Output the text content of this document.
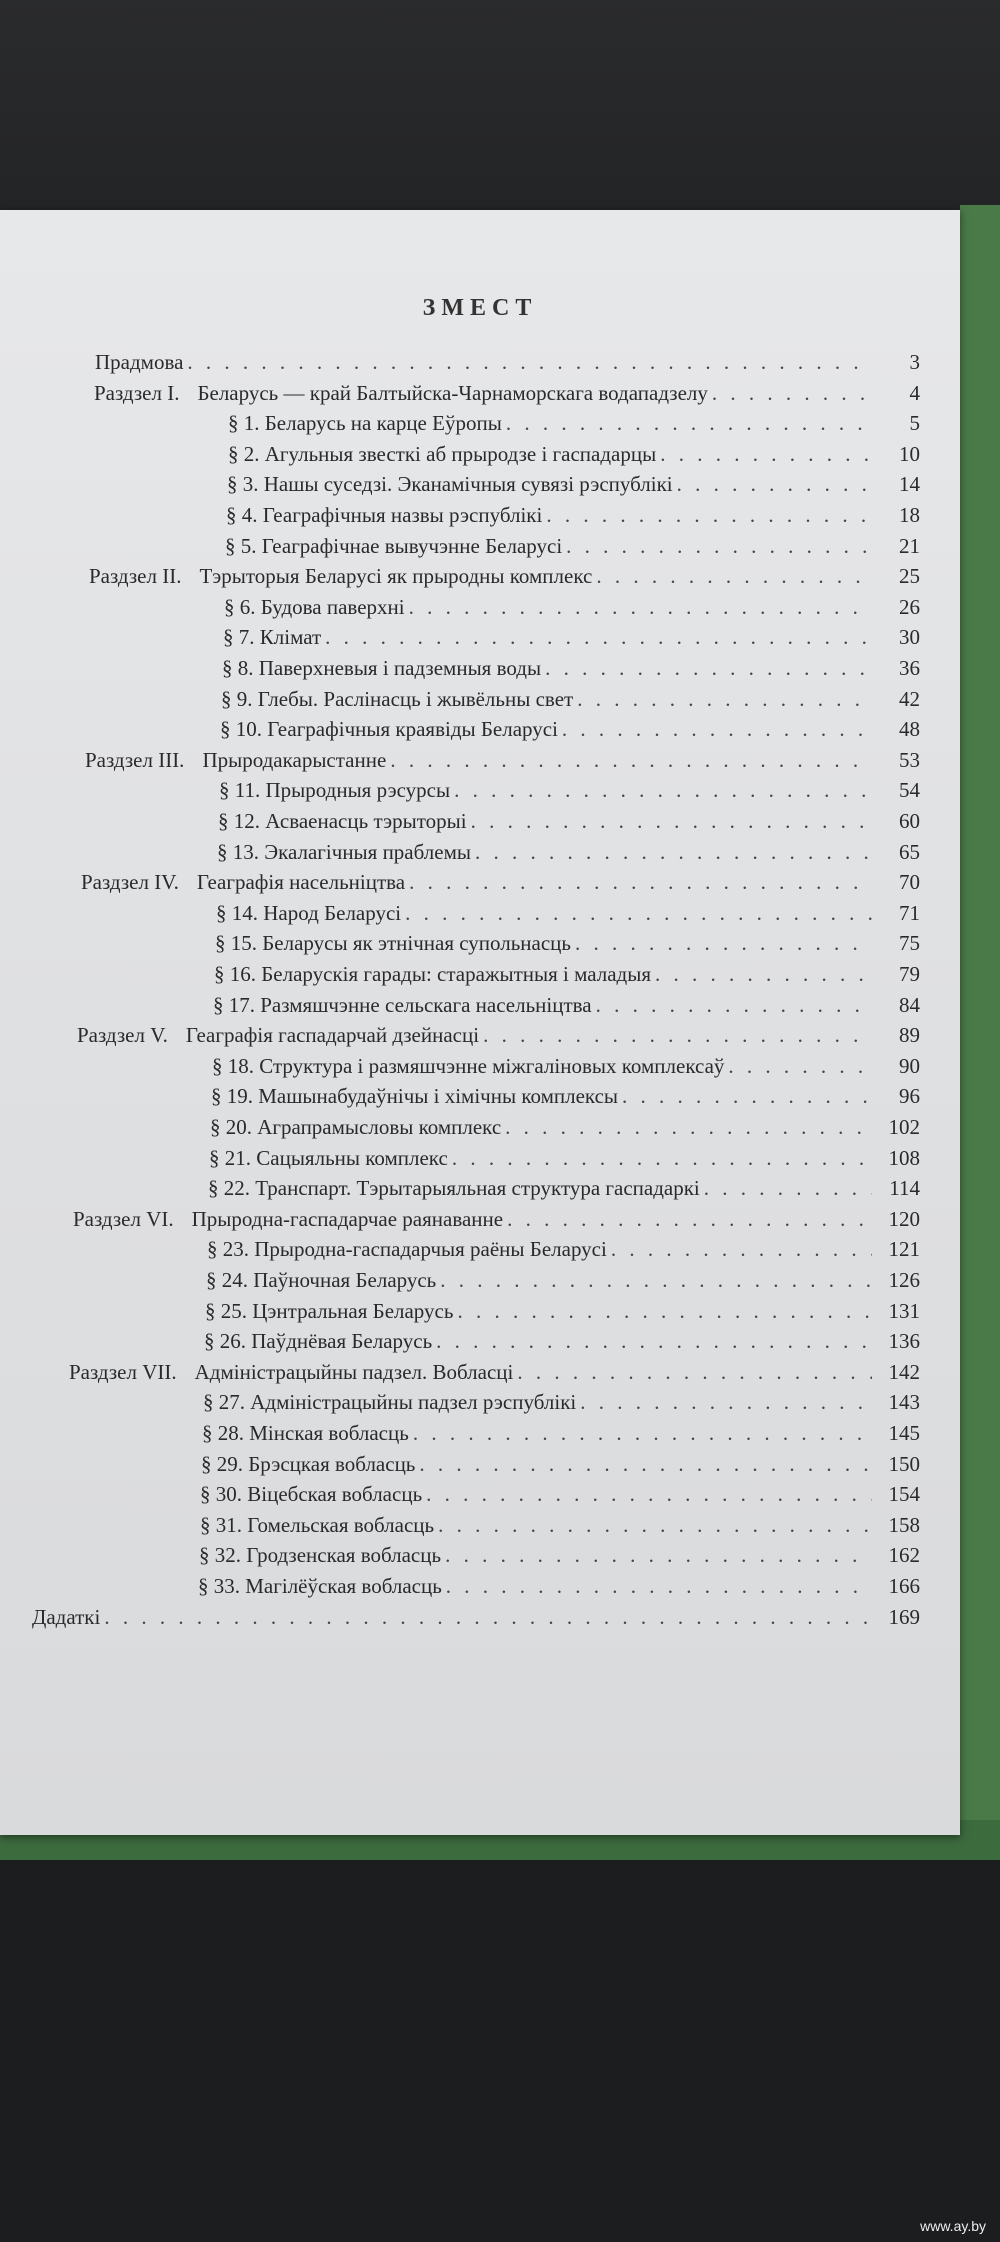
ЗМЕСТ
Прадмова . . .	3
Раздзел I. Беларусь — край Балтыйска-Чарнаморскага водападзелу . . .	4
§ 1. Беларусь на карце Еўропы . . .	5
§ 2. Агульныя звесткі аб прыродзе і гаспадарцы . . .	10
§ 3. Нашы суседзі. Эканамічныя сувязі рэспублікі . . .	14
§ 4. Геаграфічныя назвы рэспублікі . . .	18
§ 5. Геаграфічнае вывучэнне Беларусі . . .	21
Раздзел II. Тэрыторыя Беларусі як прыродны комплекс . . .	25
§ 6. Будова паверхні . . .	26
§ 7. Клімат . . .	30
§ 8. Паверхневыя і падземныя воды . . .	36
§ 9. Глебы. Раслінасць і жывёльны свет . . .	42
§ 10. Геаграфічныя краявіды Беларусі . . .	48
Раздзел III. Прыродакарыстанне . . .	53
§ 11. Прыродныя рэсурсы . . .	54
§ 12. Асваенасць тэрыторыі . . .	60
§ 13. Экалагічныя праблемы . . .	65
Раздзел IV. Геаграфія насельніцтва . . .	70
§ 14. Народ Беларусі . . .	71
§ 15. Беларусы як этнічная супольнасць . . .	75
§ 16. Беларускія гарады: старажытныя і маладыя . . .	79
§ 17. Размяшчэнне сельскага насельніцтва . . .	84
Раздзел V. Геаграфія гаспадарчай дзейнасці . . .	89
§ 18. Структура і размяшчэнне міжгаліновых комплексаў . . .	90
§ 19. Машынабудаўнічы і хімічны комплексы . . .	96
§ 20. Аграпрамысловы комплекс . . .	102
§ 21. Сацыяльны комплекс . . .	108
§ 22. Транспарт. Тэрытарыяльная структура гаспадаркі . . .	114
Раздзел VI. Прыродна-гаспадарчае раянаванне . . .	120
§ 23. Прыродна-гаспадарчыя раёны Беларусі . . .	121
§ 24. Паўночная Беларусь . . .	126
§ 25. Цэнтральная Беларусь . . .	131
§ 26. Паўднёвая Беларусь . . .	136
Раздзел VII. Адміністрацыйны падзел. Вобласці . . .	142
§ 27. Адміністрацыйны падзел рэспублікі . . .	143
§ 28. Мінская вобласць . . .	145
§ 29. Брэсцкая вобласць . . .	150
§ 30. Віцебская вобласць . . .	154
§ 31. Гомельская вобласць . . .	158
§ 32. Гродзенская вобласць . . .	162
§ 33. Магілёўская вобласць . . .	166
Дадаткі . . .	169
www.ay.by
